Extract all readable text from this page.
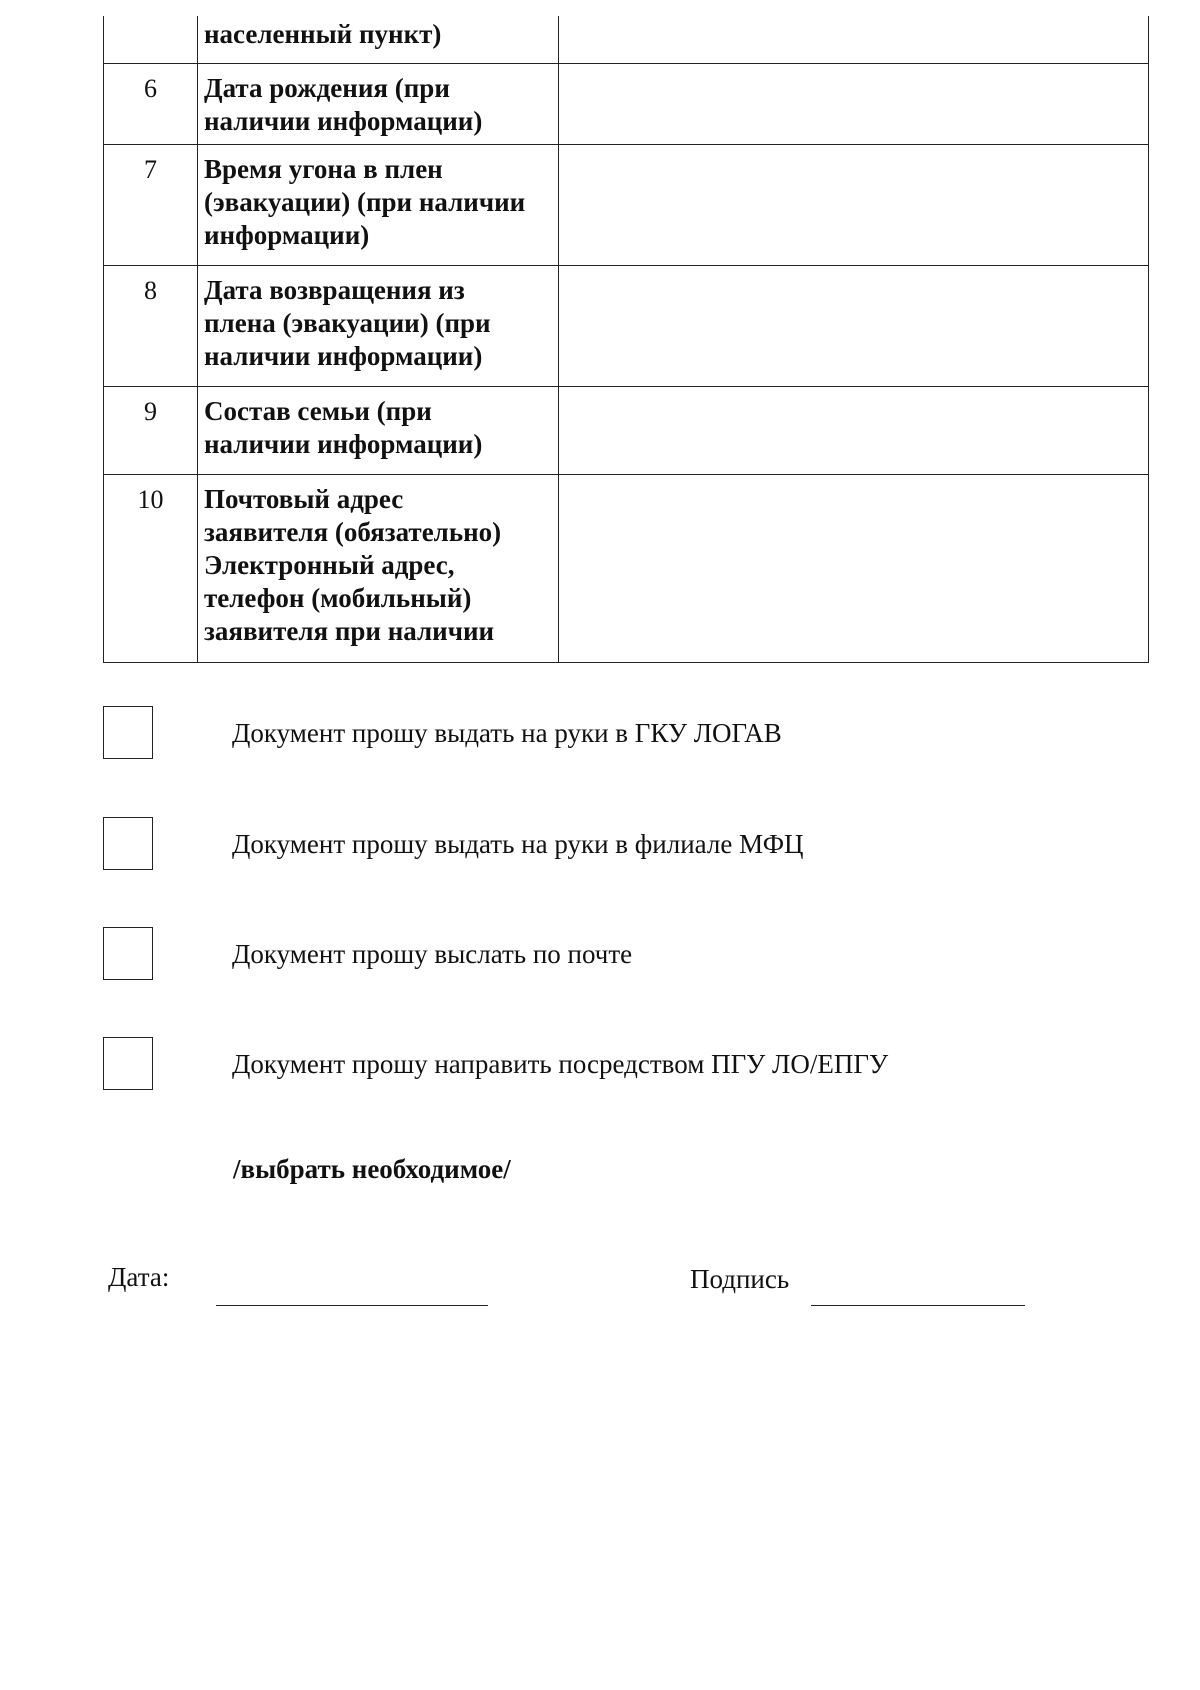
	населенный пункт)	

6	Дата рождения (при
наличии информации)	

7	Время угона в плен
(эвакуации) (при наличии
информации)	

8	Дата возвращения из
плена (эвакуации) (при
наличии информации)	

9	Состав семьи (при
наличии информации)	

10	Почтовый адрес
заявителя (обязательно)
Электронный адрес,
телефон (мобильный)
заявителя при наличии	

Документ прошу выдать на руки в ГКУ ЛОГАВ
Документ прошу выдать на руки в филиале МФЦ
Документ прошу выслать по почте
Документ прошу направить посредством ПГУ ЛО/ЕПГУ
/выбрать необходимое/
Дата:	Подпись
